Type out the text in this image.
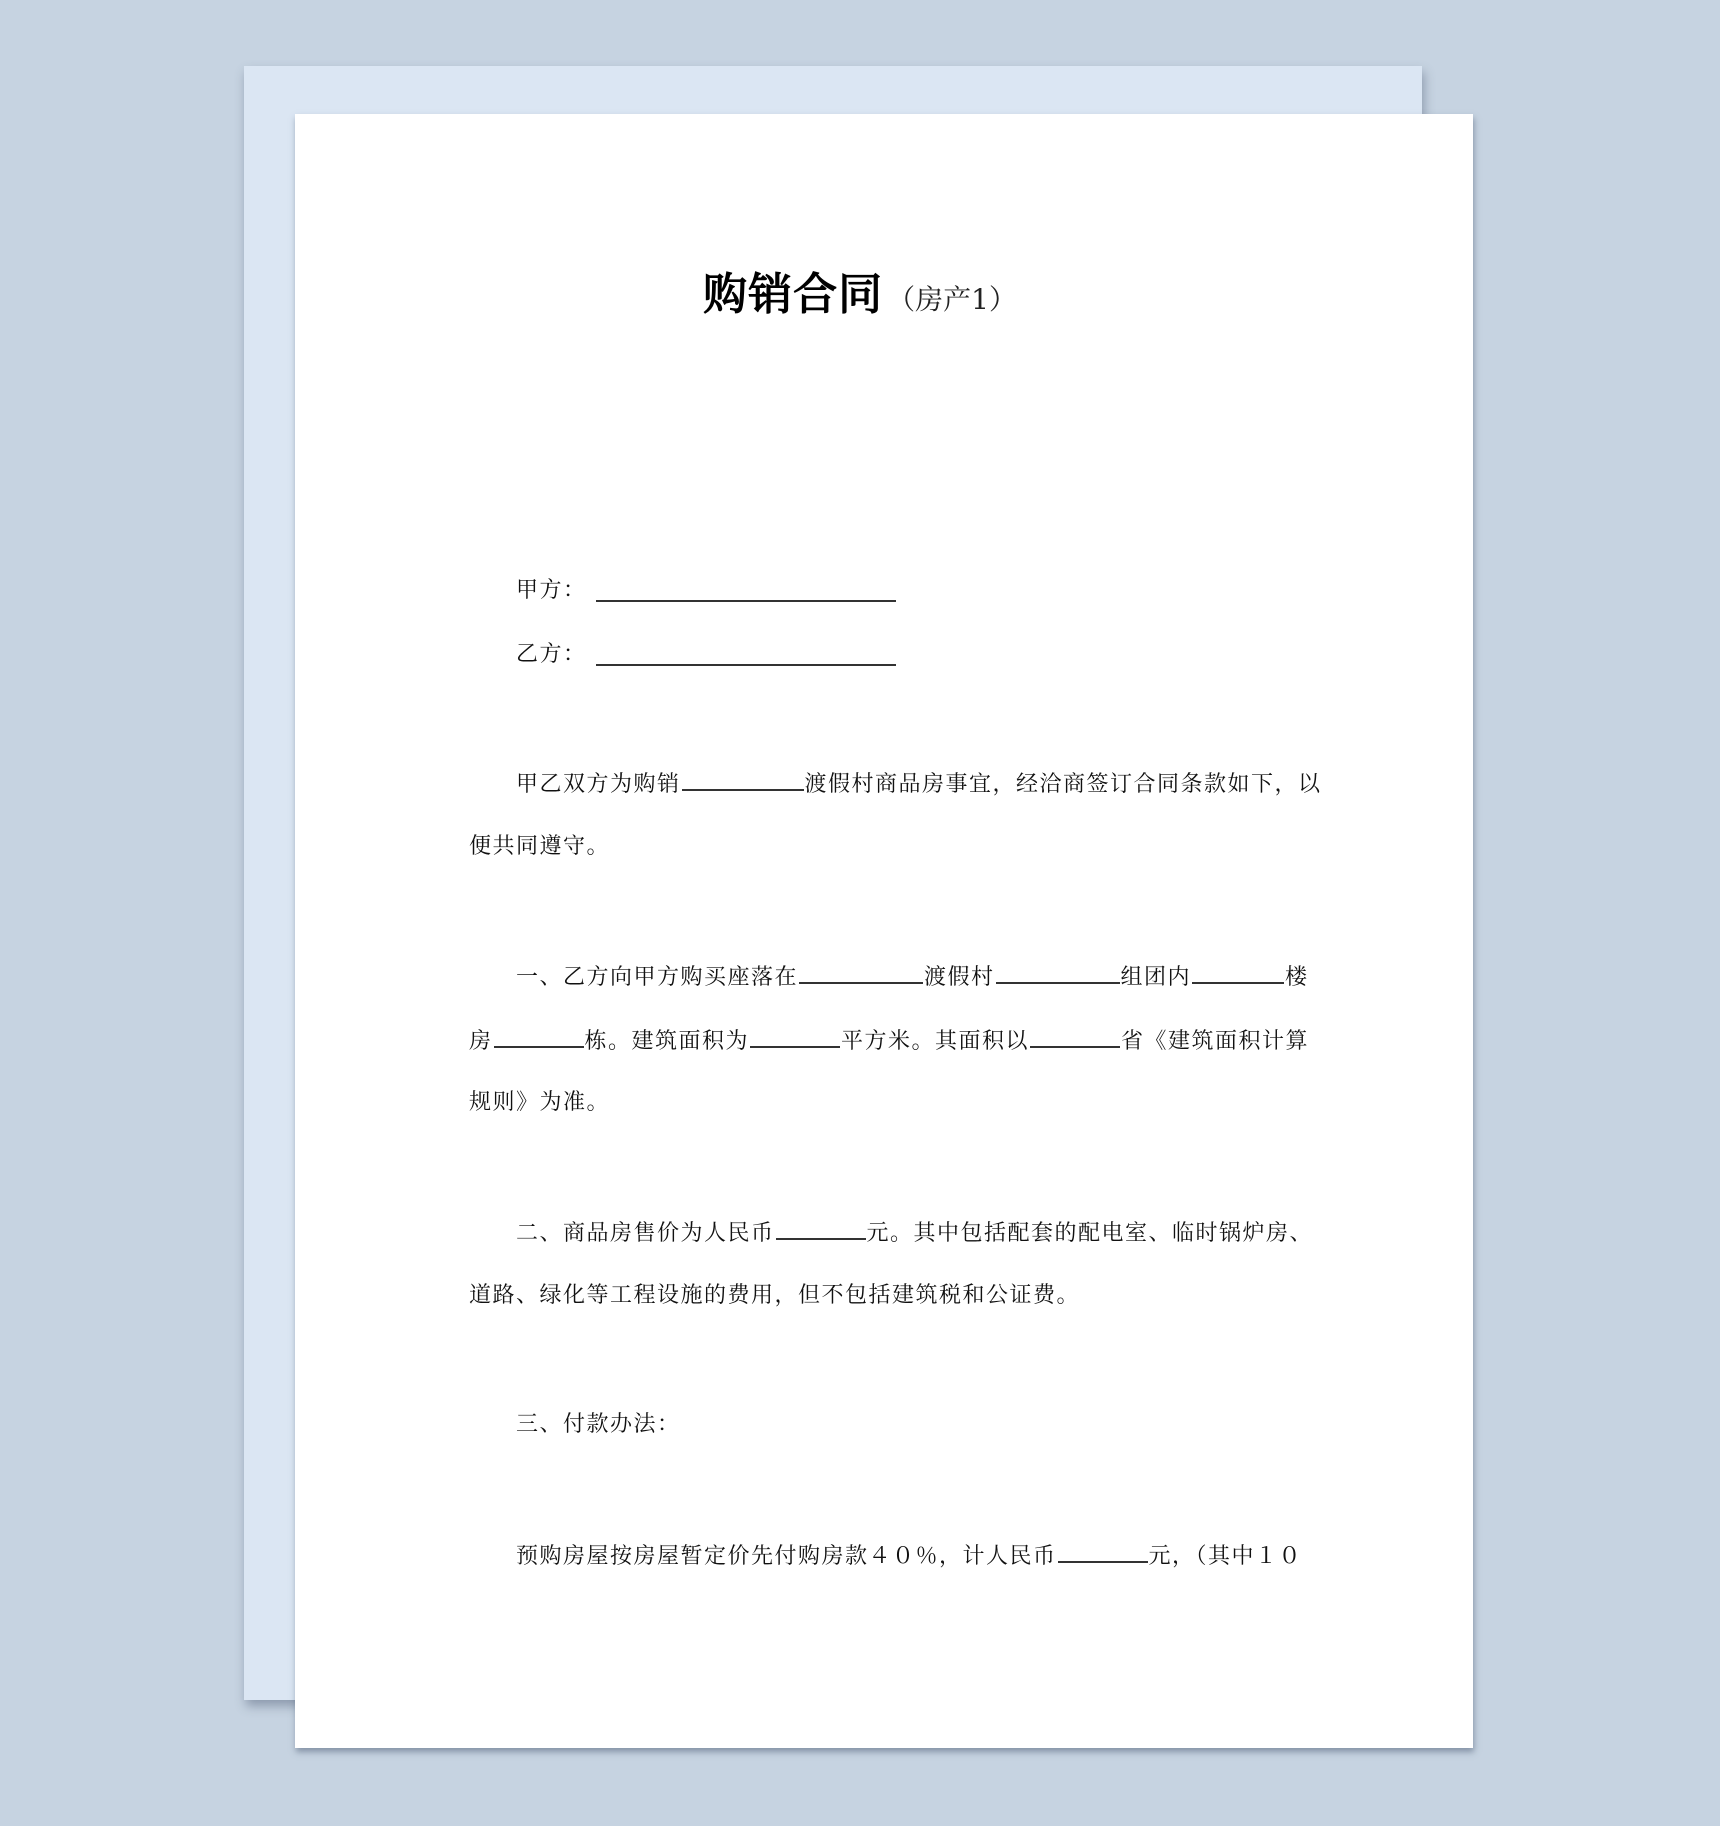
购销合同 （房产1）
甲方：
乙方：
甲乙双方为购销	渡假村商品房事宜，经洽商签订合同条款如下，以
便共同遵守。
一、乙方向甲方购买座落在	渡假村	组团内	楼
房	栋。建筑面积为	平方米。其面积以	省《建筑面积计算
规则》为准。
二、商品房售价为人民币	元。其中包括配套的配电室、临时锅炉房、
道路、绿化等工程设施的费用，但不包括建筑税和公证费。
三、付款办法：
预购房屋按房屋暂定价先付购房款４０％，计人民币	元，（其中１０
